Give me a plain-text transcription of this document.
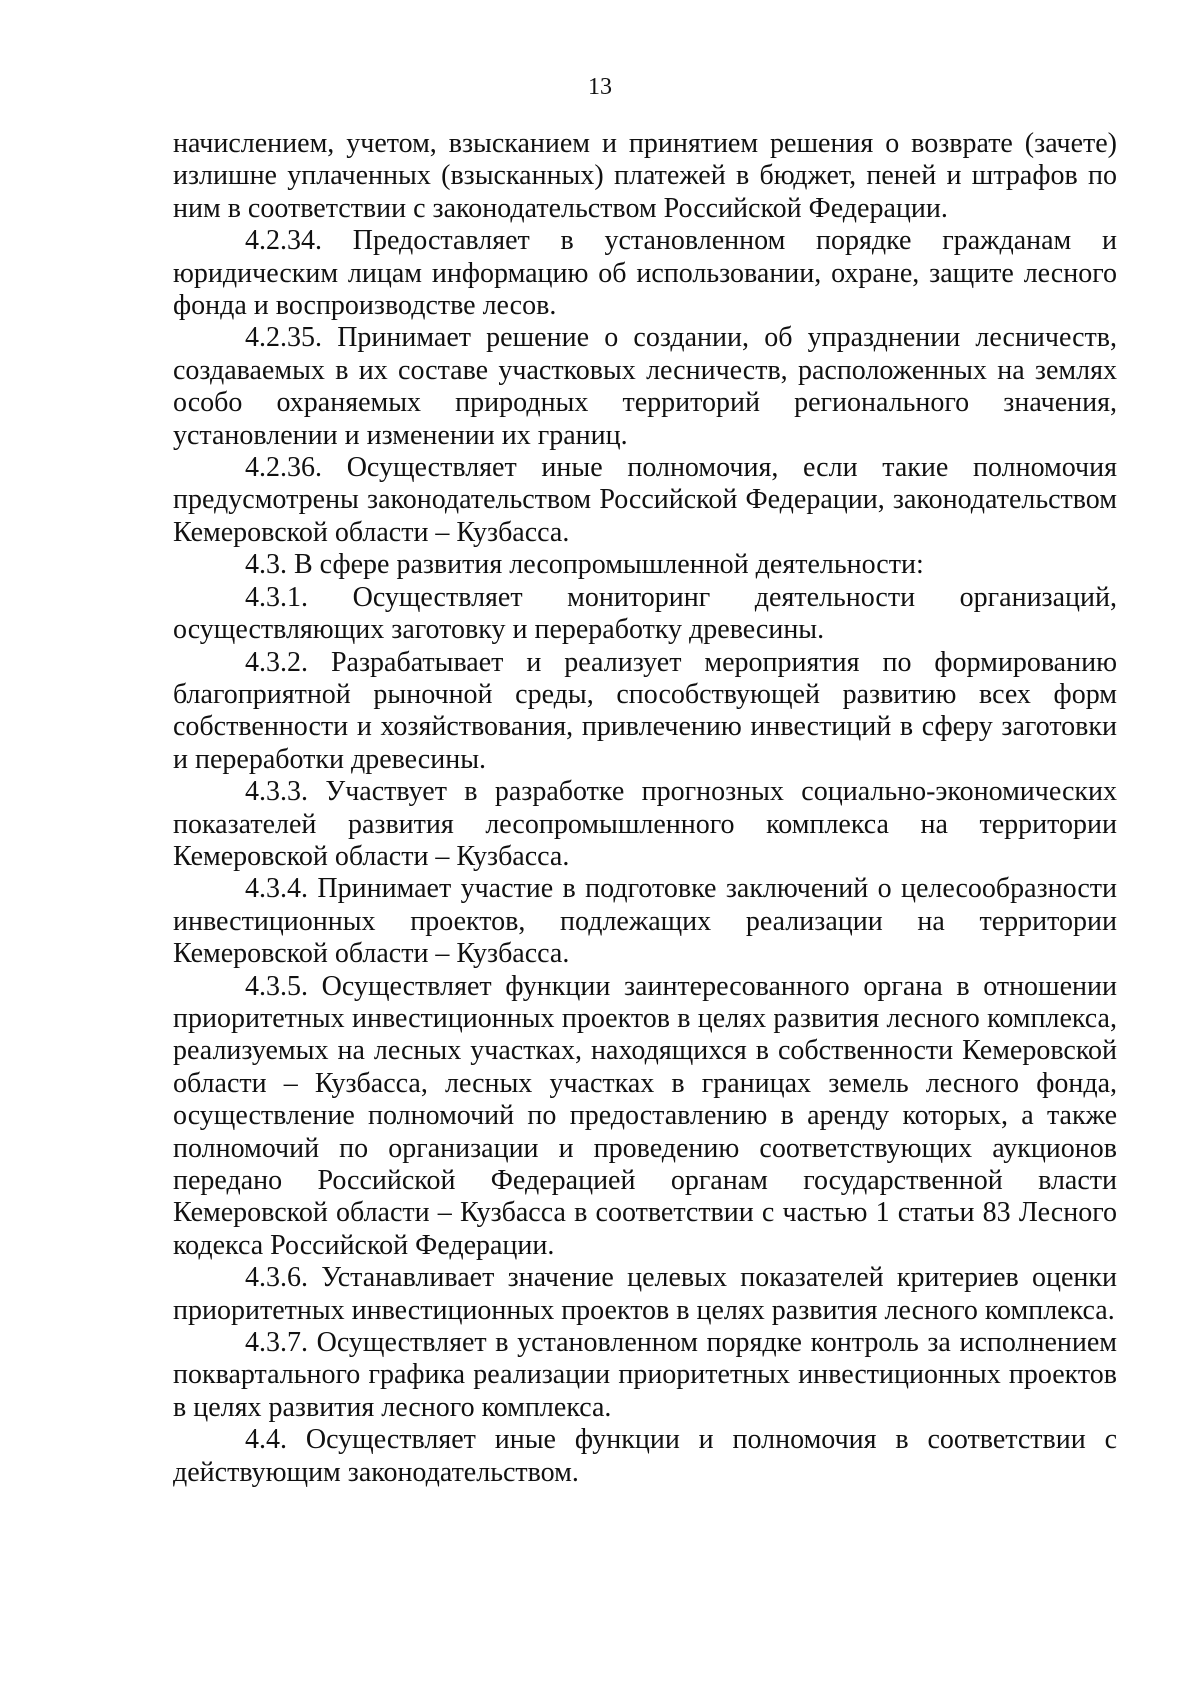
13

начислением, учетом, взысканием и принятием решения о возврате (зачете) излишне уплаченных (взысканных) платежей в бюджет, пеней и штрафов по ним в соответствии с законодательством Российской Федерации.

4.2.34. Предоставляет в установленном порядке гражданам и юридическим лицам информацию об использовании, охране, защите лесного фонда и воспроизводстве лесов.

4.2.35. Принимает решение о создании, об упразднении лесничеств, создаваемых в их составе участковых лесничеств, расположенных на землях особо охраняемых природных территорий регионального значения, установлении и изменении их границ.

4.2.36. Осуществляет иные полномочия, если такие полномочия предусмотрены законодательством Российской Федерации, законодательством Кемеровской области – Кузбасса.

4.3. В сфере развития лесопромышленной деятельности:

4.3.1. Осуществляет мониторинг деятельности организаций, осуществляющих заготовку и переработку древесины.

4.3.2. Разрабатывает и реализует мероприятия по формированию благоприятной рыночной среды, способствующей развитию всех форм собственности и хозяйствования, привлечению инвестиций в сферу заготовки и переработки древесины.

4.3.3. Участвует в разработке прогнозных социально-экономических показателей развития лесопромышленного комплекса на территории Кемеровской области – Кузбасса.

4.3.4. Принимает участие в подготовке заключений о целесообразности инвестиционных проектов, подлежащих реализации на территории Кемеровской области – Кузбасса.

4.3.5. Осуществляет функции заинтересованного органа в отношении приоритетных инвестиционных проектов в целях развития лесного комплекса, реализуемых на лесных участках, находящихся в собственности Кемеровской области – Кузбасса, лесных участках в границах земель лесного фонда, осуществление полномочий по предоставлению в аренду которых, а также полномочий по организации и проведению соответствующих аукционов передано Российской Федерацией органам государственной власти Кемеровской области – Кузбасса в соответствии с частью 1 статьи 83 Лесного кодекса Российской Федерации.

4.3.6. Устанавливает значение целевых показателей критериев оценки приоритетных инвестиционных проектов в целях развития лесного комплекса.

4.3.7. Осуществляет в установленном порядке контроль за исполнением поквартального графика реализации приоритетных инвестиционных проектов в целях развития лесного комплекса.

4.4. Осуществляет иные функции и полномочия в соответствии с действующим законодательством.
